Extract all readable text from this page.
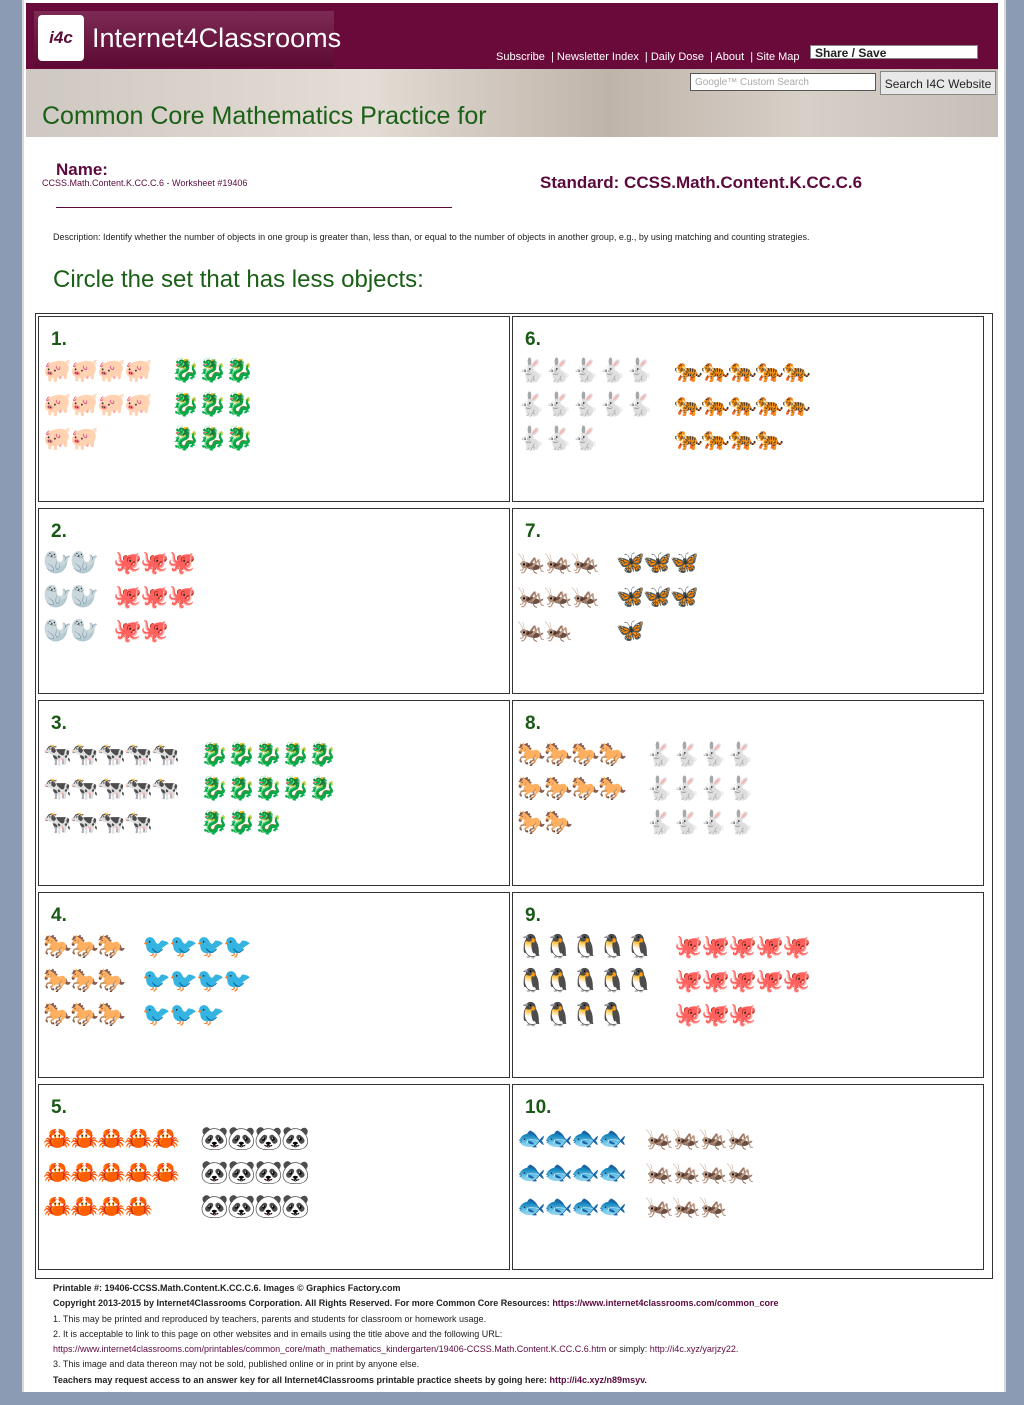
i4c Internet4Classrooms
Subscribe | Newsletter Index | Daily Dose | About | Site Map	Share / Save
Google™ Custom Search	Search I4C Website
Common Core Mathematics Practice for
Name:
CCSS.Math.Content.K.CC.C.6 - Worksheet #19406	Standard: CCSS.Math.Content.K.CC.C.6
Description: Identify whether the number of objects in one group is greater than, less than, or equal to the number of objects in another group, e.g., by using matching and counting strategies.
Circle the set that has less objects:
1.
🐖🐖🐖🐖
🐖🐖🐖🐖
🐖🐖
🐉🐉🐉
🐉🐉🐉
🐉🐉🐉
2.
🦭🦭
🦭🦭
🦭🦭
🐙🐙🐙
🐙🐙🐙
🐙🐙
3.
🐄🐄🐄🐄🐄
🐄🐄🐄🐄🐄
🐄🐄🐄🐄
🐉🐉🐉🐉🐉
🐉🐉🐉🐉🐉
🐉🐉🐉
4.
🐎🐎🐎
🐎🐎🐎
🐎🐎🐎
🐦🐦🐦🐦
🐦🐦🐦🐦
🐦🐦🐦
5.
🦀🦀🦀🦀🦀
🦀🦀🦀🦀🦀
🦀🦀🦀🦀
🐼🐼🐼🐼
🐼🐼🐼🐼
🐼🐼🐼🐼
6.
🐇🐇🐇🐇🐇
🐇🐇🐇🐇🐇
🐇🐇🐇
🐅🐅🐅🐅🐅
🐅🐅🐅🐅🐅
🐅🐅🐅🐅
7.
🦗🦗🦗
🦗🦗🦗
🦗🦗
🦋🦋🦋
🦋🦋🦋
🦋
8.
🐎🐎🐎🐎
🐎🐎🐎🐎
🐎🐎
🐇🐇🐇🐇
🐇🐇🐇🐇
🐇🐇🐇🐇
9.
🐧🐧🐧🐧🐧
🐧🐧🐧🐧🐧
🐧🐧🐧🐧
🐙🐙🐙🐙🐙
🐙🐙🐙🐙🐙
🐙🐙🐙
10.
🐟🐟🐟🐟
🐟🐟🐟🐟
🐟🐟🐟🐟
🦗🦗🦗🦗
🦗🦗🦗🦗
🦗🦗🦗
Printable #: 19406-CCSS.Math.Content.K.CC.C.6. Images © Graphics Factory.com
Copyright 2013-2015 by Internet4Classrooms Corporation. All Rights Reserved. For more Common Core Resources: https://www.internet4classrooms.com/common_core
1. This may be printed and reproduced by teachers, parents and students for classroom or homework usage.
2. It is acceptable to link to this page on other websites and in emails using the title above and the following URL:
https://www.internet4classrooms.com/printables/common_core/math_mathematics_kindergarten/19406-CCSS.Math.Content.K.CC.C.6.htm or simply: http://i4c.xyz/yarjzy22.
3. This image and data thereon may not be sold, published online or in print by anyone else.
Teachers may request access to an answer key for all Internet4Classrooms printable practice sheets by going here: http://i4c.xyz/n89msyv.
